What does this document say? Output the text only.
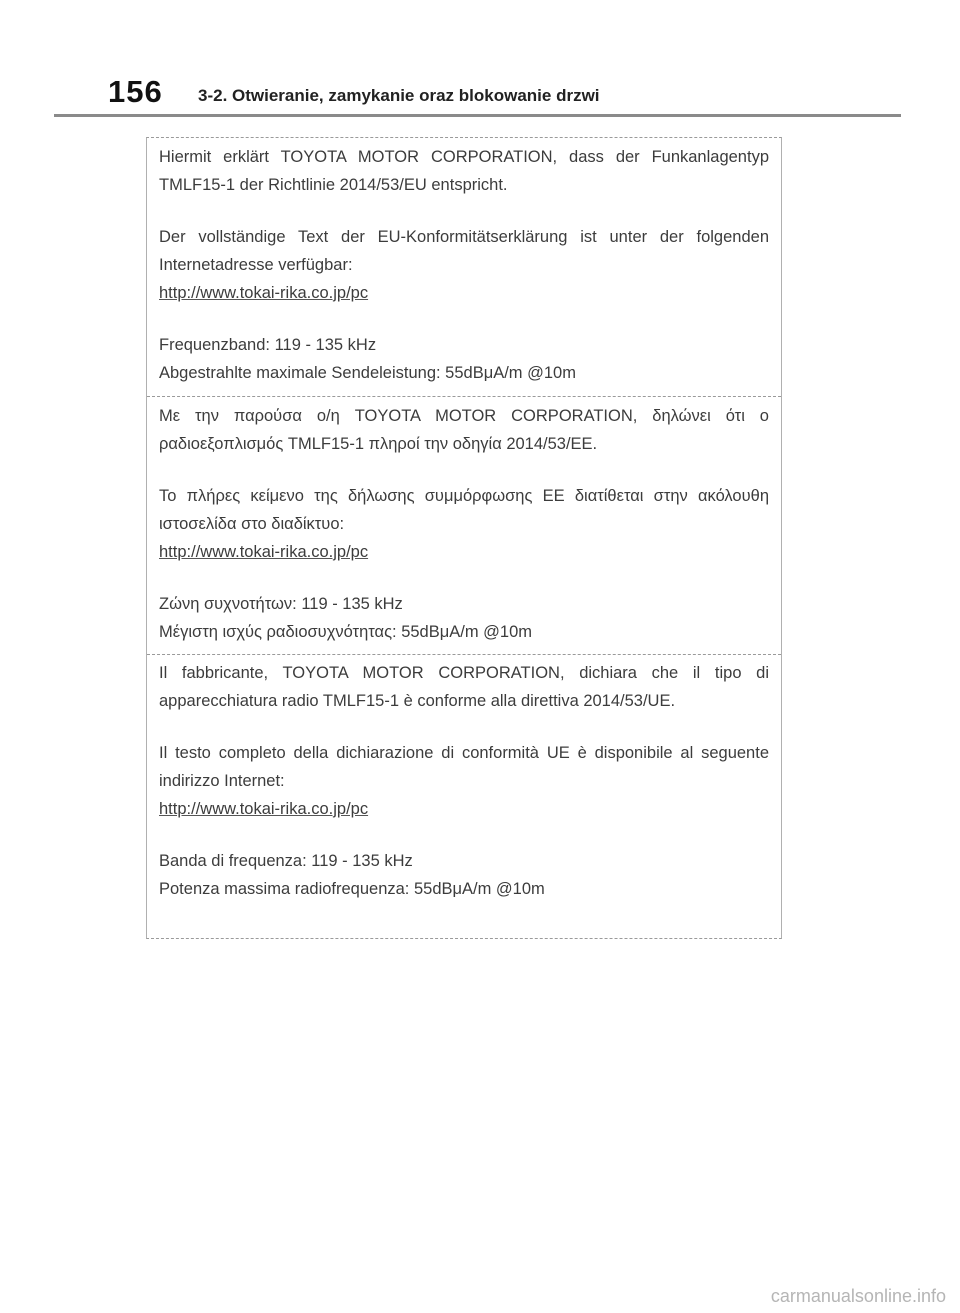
156 3-2. Otwieranie, zamykanie oraz blokowanie drzwi

Hiermit erklärt TOYOTA MOTOR CORPORATION, dass der Funkanlagentyp TMLF15-1 der Richtlinie 2014/53/EU entspricht.

Der vollständige Text der EU-Konformitätserklärung ist unter der folgenden Internetadresse verfügbar:

http://www.tokai-rika.co.jp/pc

Frequenzband: 119 - 135 kHz

Abgestrahlte maximale Sendeleistung: 55dBμA/m @10m

Με την παρούσα ο/η TOYOTA MOTOR CORPORATION, δηλώνει ότι ο ραδιοεξοπλισμός TMLF15-1 πληροί την οδηγία 2014/53/ΕΕ.

Το πλήρες κείμενο της δήλωσης συμμόρφωσης ΕΕ διατίθεται στην ακόλουθη ιστοσελίδα στο διαδίκτυο:

http://www.tokai-rika.co.jp/pc

Ζώνη συχνοτήτων: 119 - 135 kHz

Μέγιστη ισχύς ραδιοσυχνότητας: 55dBμA/m @10m

Il fabbricante, TOYOTA MOTOR CORPORATION, dichiara che il tipo di apparecchiatura radio TMLF15-1 è conforme alla direttiva 2014/53/UE.

Il testo completo della dichiarazione di conformità UE è disponibile al seguente indirizzo Internet:

http://www.tokai-rika.co.jp/pc

Banda di frequenza: 119 - 135 kHz

Potenza massima radiofrequenza: 55dBμA/m @10m

carmanualsonline.info
